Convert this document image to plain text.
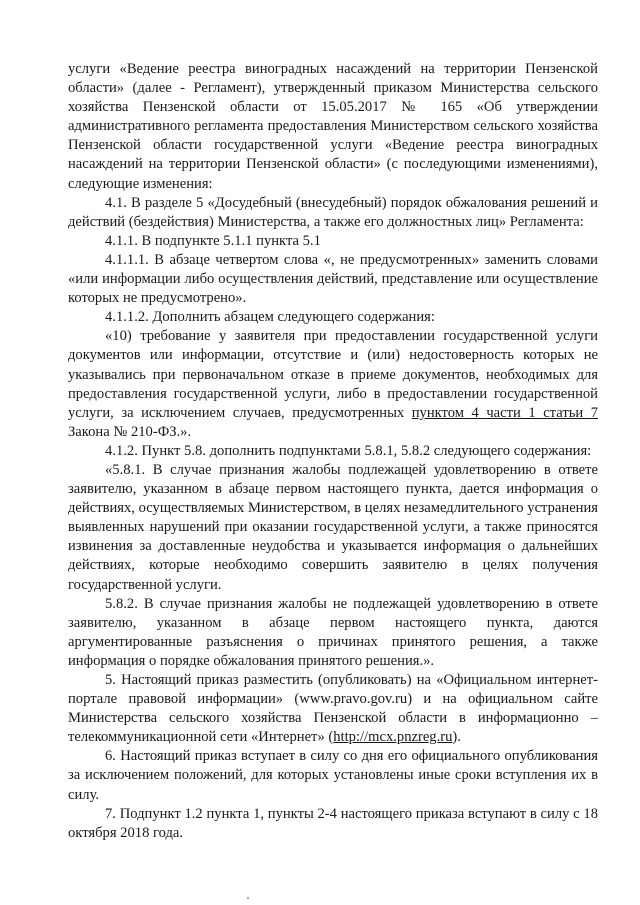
услуги «Ведение реестра виноградных насаждений на территории Пензенской области» (далее - Регламент), утвержденный приказом Министерства сельского хозяйства Пензенской области от 15.05.2017 № 165 «Об утверждении административного регламента предоставления Министерством сельского хозяйства Пензенской области государственной услуги «Ведение реестра виноградных насаждений на территории Пензенской области» (с последующими изменениями), следующие изменения:

4.1. В разделе 5 «Досудебный (внесудебный) порядок обжалования решений и действий (бездействия) Министерства, а также его должностных лиц» Регламента:

4.1.1. В подпункте 5.1.1 пункта 5.1

4.1.1.1. В абзаце четвертом слова «, не предусмотренных» заменить словами «или информации либо осуществления действий, представление или осуществление которых не предусмотрено».

4.1.1.2. Дополнить абзацем следующего содержания:

«10) требование у заявителя при предоставлении государственной услуги документов или информации, отсутствие и (или) недостоверность которых не указывались при первоначальном отказе в приеме документов, необходимых для предоставления государственной услуги, либо в предоставлении государственной услуги, за исключением случаев, предусмотренных пунктом 4 части 1 статьи 7 Закона № 210-ФЗ.».

4.1.2. Пункт 5.8. дополнить подпунктами 5.8.1, 5.8.2 следующего содержания:

«5.8.1. В случае признания жалобы подлежащей удовлетворению в ответе заявителю, указанном в абзаце первом настоящего пункта, дается информация о действиях, осуществляемых Министерством, в целях незамедлительного устранения выявленных нарушений при оказании государственной услуги, а также приносятся извинения за доставленные неудобства и указывается информация о дальнейших действиях, которые необходимо совершить заявителю в целях получения государственной услуги.

5.8.2. В случае признания жалобы не подлежащей удовлетворению в ответе заявителю, указанном в абзаце первом настоящего пункта, даются аргументированные разъяснения о причинах принятого решения, а также информация о порядке обжалования принятого решения.».

5. Настоящий приказ разместить (опубликовать) на «Официальном интернет-портале правовой информации» (www.pravo.gov.ru) и на официальном сайте Министерства сельского хозяйства Пензенской области в информационно – телекоммуникационной сети «Интернет» (http://mcx.pnzreg.ru).

6. Настоящий приказ вступает в силу со дня его официального опубликования за исключением положений, для которых установлены иные сроки вступления их в силу.

7. Подпункт 1.2 пункта 1, пункты 2-4 настоящего приказа вступают в силу с 18 октября 2018 года.
